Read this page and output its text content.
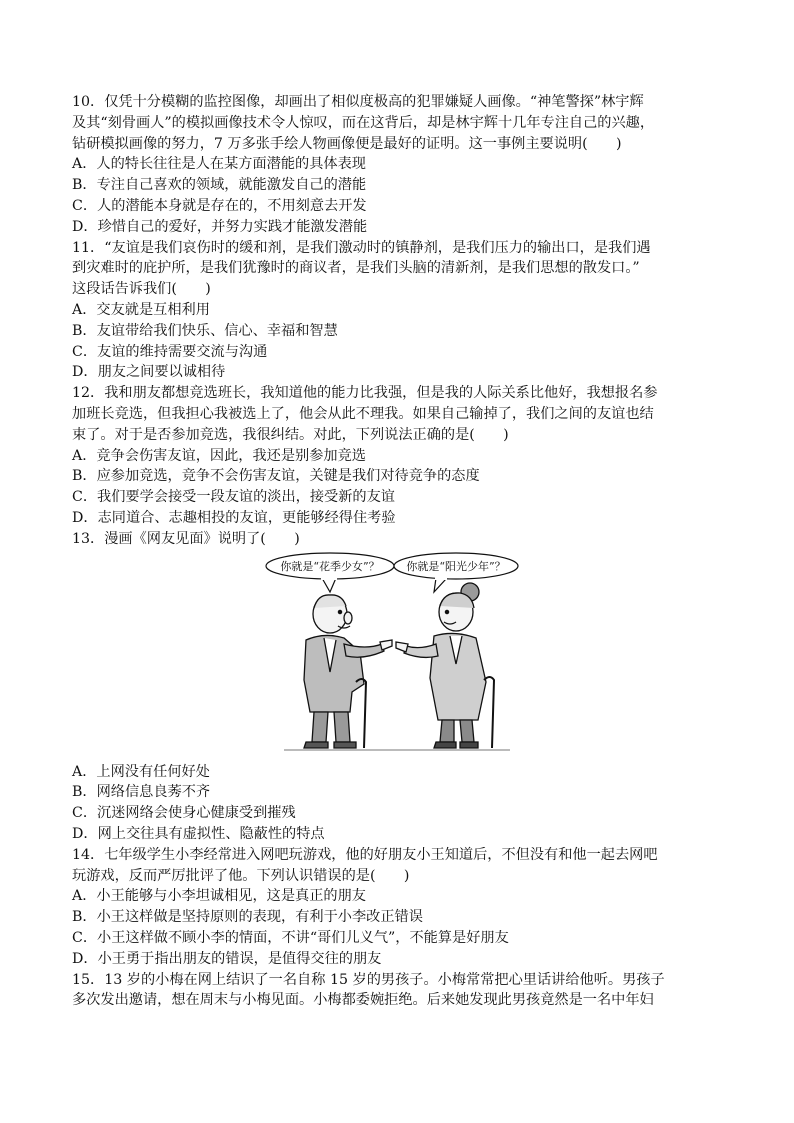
10．仅凭十分模糊的监控图像，却画出了相似度极高的犯罪嫌疑人画像。“神笔警探”林宇辉
及其“刻骨画人”的模拟画像技术令人惊叹，而在这背后，却是林宇辉十几年专注自己的兴趣，
钻研模拟画像的努力，7 万多张手绘人物画像便是最好的证明。这一事例主要说明(　　)
A．人的特长往往是人在某方面潜能的具体表现
B．专注自己喜欢的领域，就能激发自己的潜能
C．人的潜能本身就是存在的，不用刻意去开发
D．珍惜自己的爱好，并努力实践才能激发潜能
11．“友谊是我们哀伤时的缓和剂，是我们激动时的镇静剂，是我们压力的输出口，是我们遇
到灾难时的庇护所，是我们犹豫时的商议者，是我们头脑的清新剂，是我们思想的散发口。”
这段话告诉我们(　　)
A．交友就是互相利用
B．友谊带给我们快乐、信心、幸福和智慧
C．友谊的维持需要交流与沟通
D．朋友之间要以诚相待
12．我和朋友都想竞选班长，我知道他的能力比我强，但是我的人际关系比他好，我想报名参
加班长竞选，但我担心我被选上了，他会从此不理我。如果自己输掉了，我们之间的友谊也结
束了。对于是否参加竞选，我很纠结。对此，下列说法正确的是(　　)
A．竞争会伤害友谊，因此，我还是别参加竞选
B．应参加竞选，竞争不会伤害友谊，关键是我们对待竞争的态度
C．我们要学会接受一段友谊的淡出，接受新的友谊
D．志同道合、志趣相投的友谊，更能够经得住考验
13．漫画《网友见面》说明了(　　)
你就是“花季少女”？ 你就是“阳光少年”？
A．上网没有任何好处
B．网络信息良莠不齐
C．沉迷网络会使身心健康受到摧残
D．网上交往具有虚拟性、隐蔽性的特点
14．七年级学生小李经常进入网吧玩游戏，他的好朋友小王知道后，不但没有和他一起去网吧
玩游戏，反而严厉批评了他。下列认识错误的是(　　)
A．小王能够与小李坦诚相见，这是真正的朋友
B．小王这样做是坚持原则的表现，有利于小李改正错误
C．小王这样做不顾小李的情面，不讲“哥们儿义气”，不能算是好朋友
D．小王勇于指出朋友的错误，是值得交往的朋友
15．13 岁的小梅在网上结识了一名自称 15 岁的男孩子。小梅常常把心里话讲给他听。男孩子
多次发出邀请，想在周末与小梅见面。小梅都委婉拒绝。后来她发现此男孩竟然是一名中年妇
